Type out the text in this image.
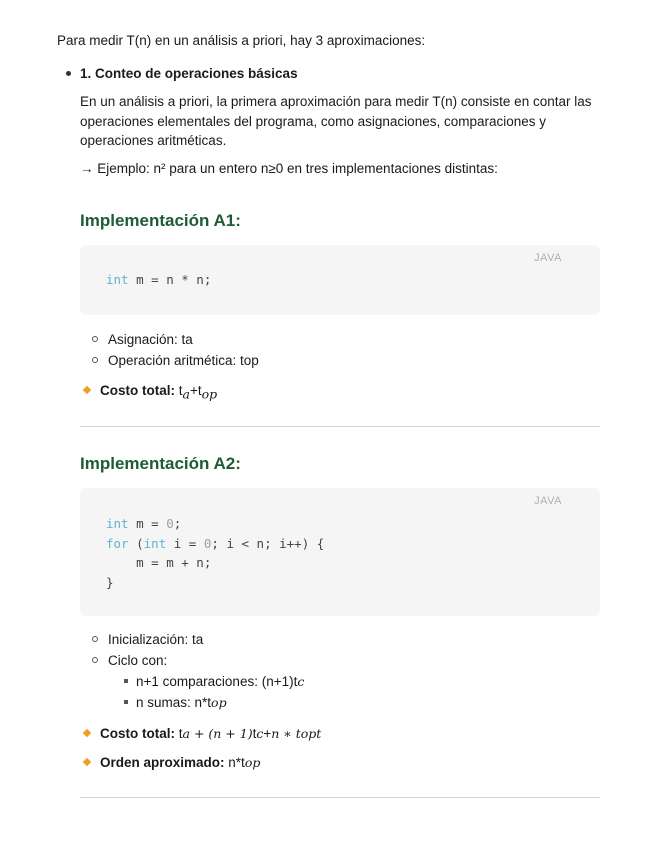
Para medir T(n) en un análisis a priori, hay 3 aproximaciones:

1. Conteo de operaciones básicas

En un análisis a priori, la primera aproximación para medir T(n) consiste en contar las operaciones elementales del programa, como asignaciones, comparaciones y operaciones aritméticas.

→ Ejemplo: n² para un entero n≥0 en tres implementaciones distintas:

Implementación A1:
JAVA
int m = n * n;
Asignación: ta
Operación aritmética: top

Costo total: $t_a+t_{op}$

Implementación A2:
JAVA
int m = 0;
for (int i = 0; i < n; i++) {
m = m + n;
}
Inicialización: ta
Ciclo con:
n+1 comparaciones: (n+1)tc
n sumas: n*top

Costo total: ta + (n + 1)tc+n ∗ topt

Orden aproximado: n*top
